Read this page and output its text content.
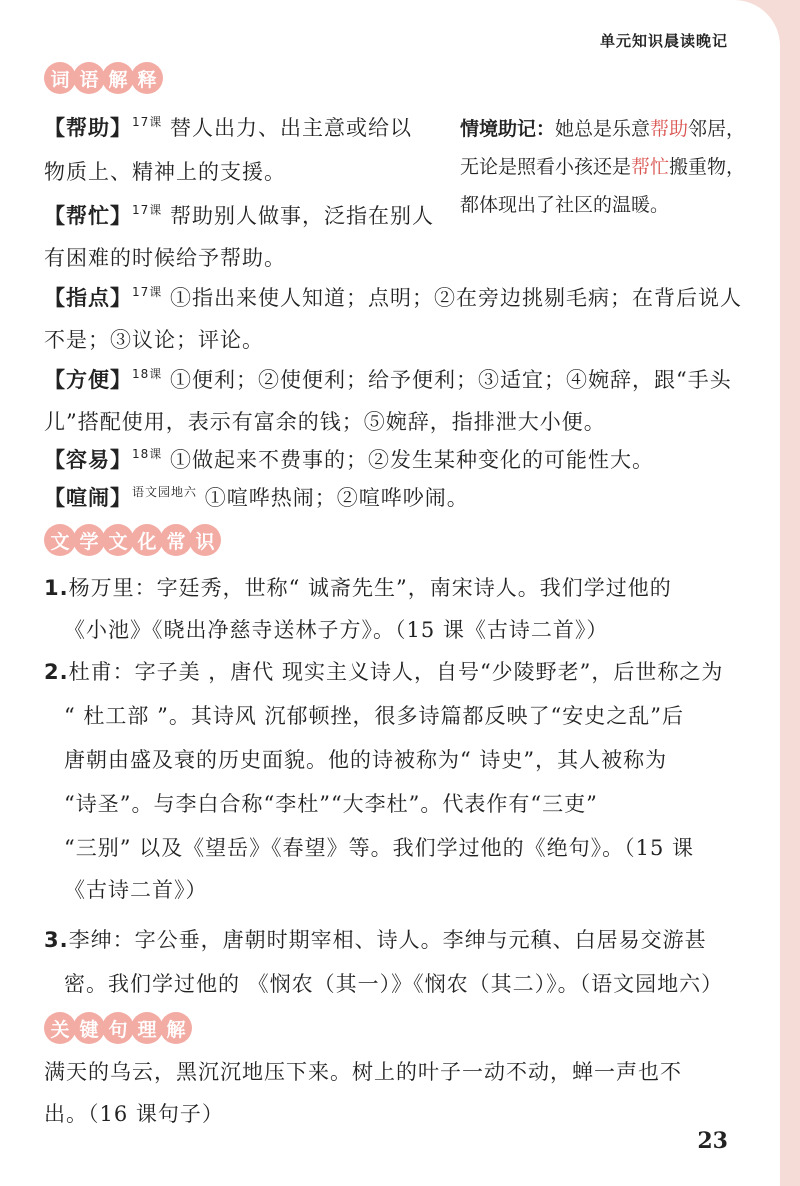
单元知识晨读晚记
词 语 解 释
【帮助】$^{17课}$ 替人出力、出主意或给以
物质上、精神上的支援。
【帮忙】$^{17课}$ 帮助别人做事，泛指在别人
有困难的时候给予帮助。
情境助记：她总是乐意帮助邻居，无论是照看小孩还是帮忙搬重物，都体现出了社区的温暖。
【指点】$^{17课}$ ①指出来使人知道；点明；②在旁边挑剔毛病；在背后说人
不是；③议论；评论。
【方便】$^{18课}$ ①便利；②使便利；给予便利；③适宜；④婉辞，跟“手头
儿”搭配使用，表示有富余的钱；⑤婉辞，指排泄大小便。
【容易】$^{18课}$ ①做起来不费事的；②发生某种变化的可能性大。
【喧闹】$^{语文园地六}$ ①喧哗热闹；②喧哗吵闹。
文 学 文 化 常 识
1.杨万里：字廷秀，世称“ 诚斋先生”，南宋诗人。我们学过他的
《小池》《晓出净慈寺送林子方》。（15 课《古诗二首》）
2.杜甫：字子美 ，唐代 现实主义诗人，自号“少陵野老”，后世称之为
“ 杜工部 ”。其诗风 沉郁顿挫，很多诗篇都反映了“安史之乱”后
唐朝由盛及衰的历史面貌。他的诗被称为“ 诗史”，其人被称为
“诗圣”。与李白合称“李杜”“大李杜”。代表作有“三吏”
“三别” 以及《望岳》《春望》等。我们学过他的《绝句》。（15 课
《古诗二首》）
3.李绅：字公垂，唐朝时期宰相、诗人。李绅与元稹、白居易交游甚
密。我们学过他的 《悯农（其一）》《悯农（其二）》。（语文园地六）
关 键 句 理 解
满天的乌云，黑沉沉地压下来。树上的叶子一动不动，蝉一声也不
出。（16 课句子）
23
